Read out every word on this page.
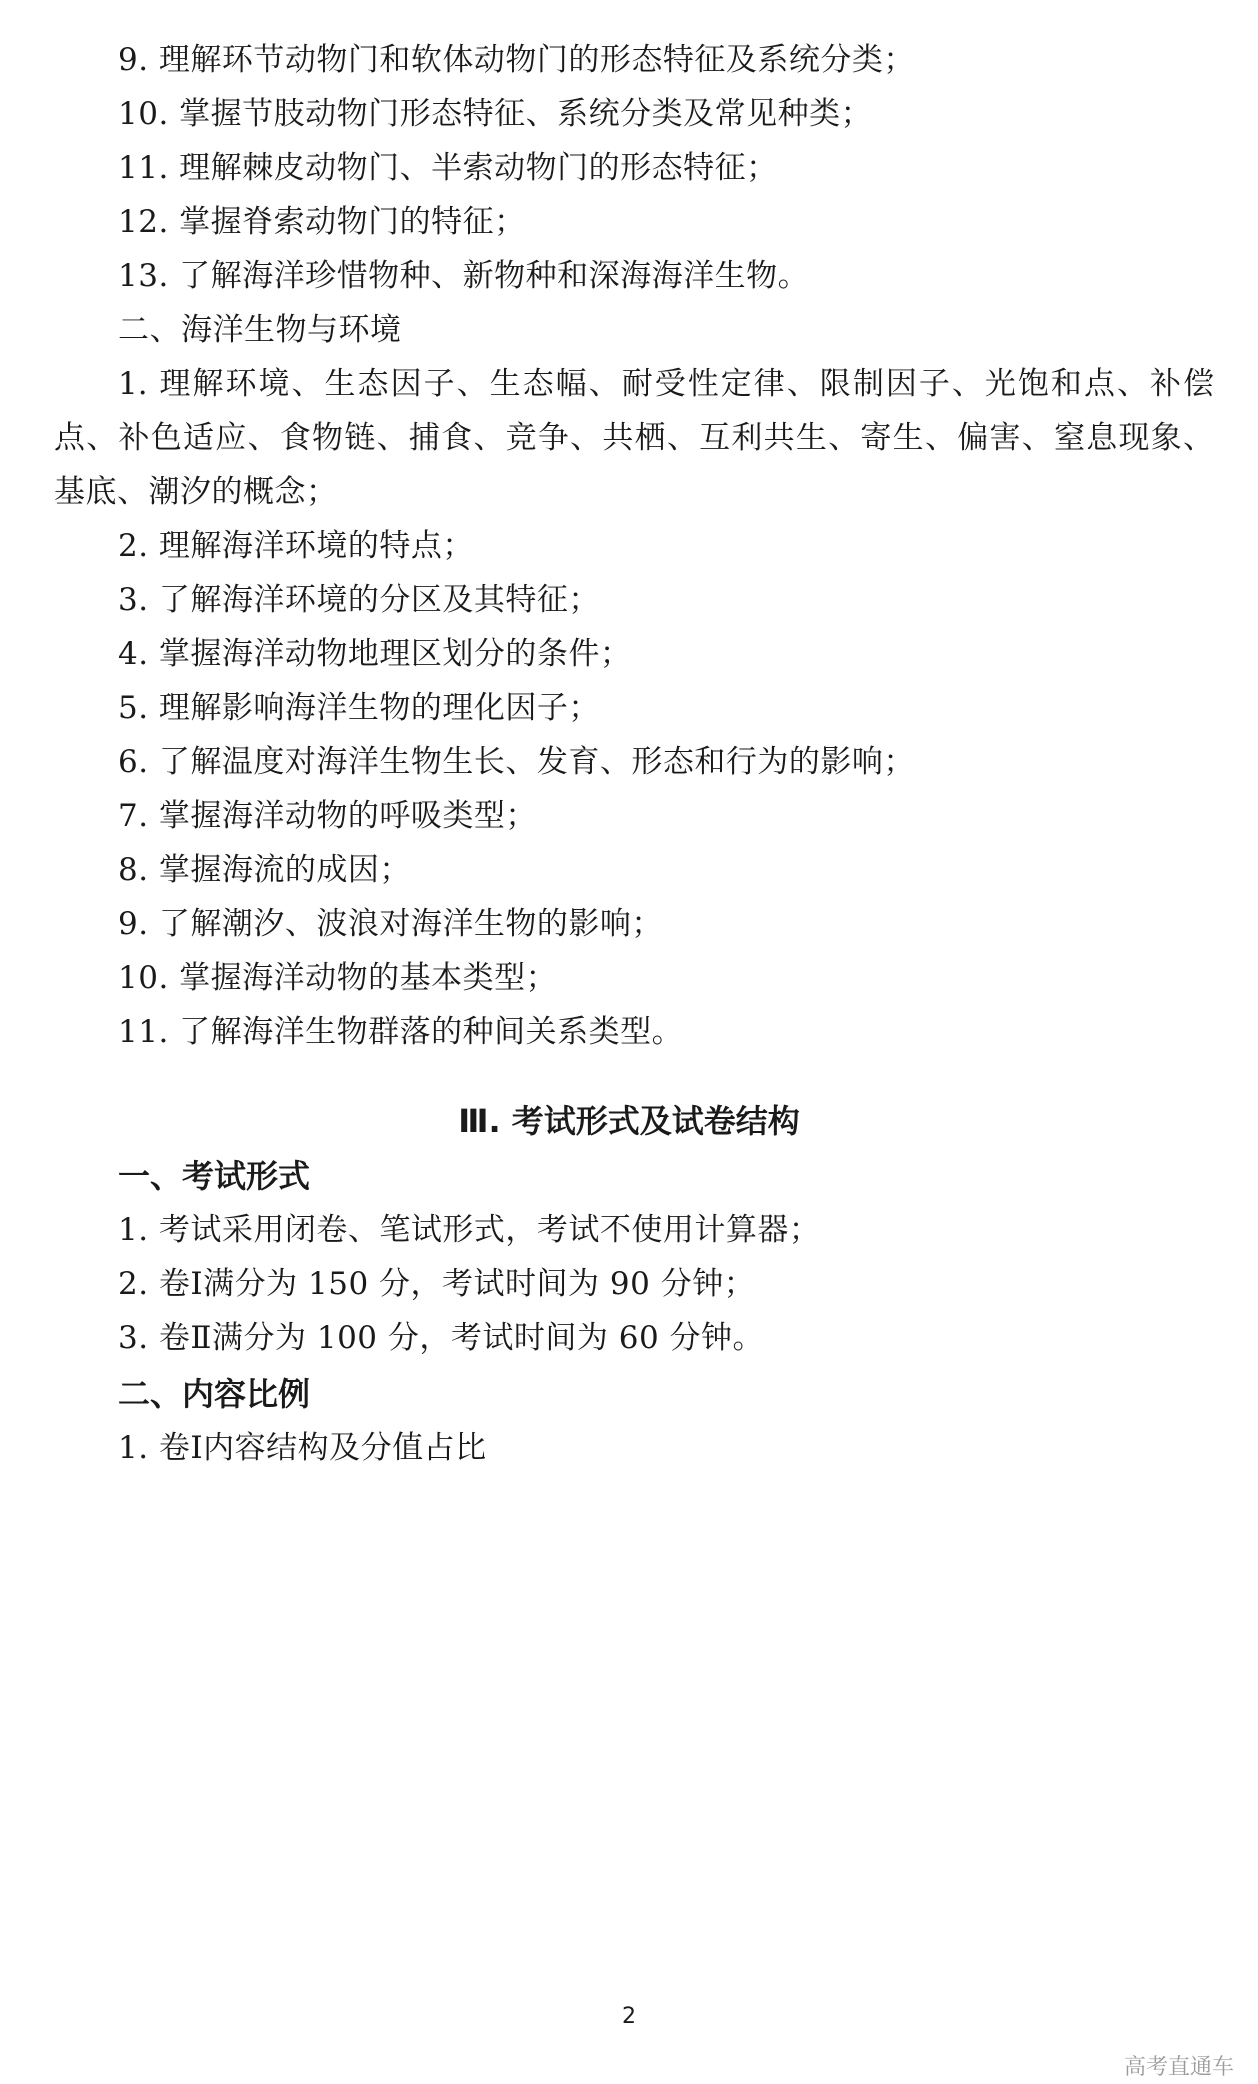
9. 理解环节动物门和软体动物门的形态特征及系统分类；
10. 掌握节肢动物门形态特征、系统分类及常见种类；
11. 理解棘皮动物门、半索动物门的形态特征；
12. 掌握脊索动物门的特征；
13. 了解海洋珍惜物种、新物种和深海海洋生物。
二、海洋生物与环境
1. 理解环境、生态因子、生态幅、耐受性定律、限制因子、光饱和点、补偿
点、补色适应、食物链、捕食、竞争、共栖、互利共生、寄生、偏害、窒息现象、
基底、潮汐的概念；
2. 理解海洋环境的特点；
3. 了解海洋环境的分区及其特征；
4. 掌握海洋动物地理区划分的条件；
5. 理解影响海洋生物的理化因子；
6. 了解温度对海洋生物生长、发育、形态和行为的影响；
7. 掌握海洋动物的呼吸类型；
8. 掌握海流的成因；
9. 了解潮汐、波浪对海洋生物的影响；
10. 掌握海洋动物的基本类型；
11. 了解海洋生物群落的种间关系类型。
Ⅲ. 考试形式及试卷结构
一、考试形式
1. 考试采用闭卷、笔试形式，考试不使用计算器；
2. 卷Ⅰ满分为 150 分，考试时间为 90 分钟；
3. 卷Ⅱ满分为 100 分，考试时间为 60 分钟。
二、内容比例
1. 卷Ⅰ内容结构及分值占比
2
高考直通车
